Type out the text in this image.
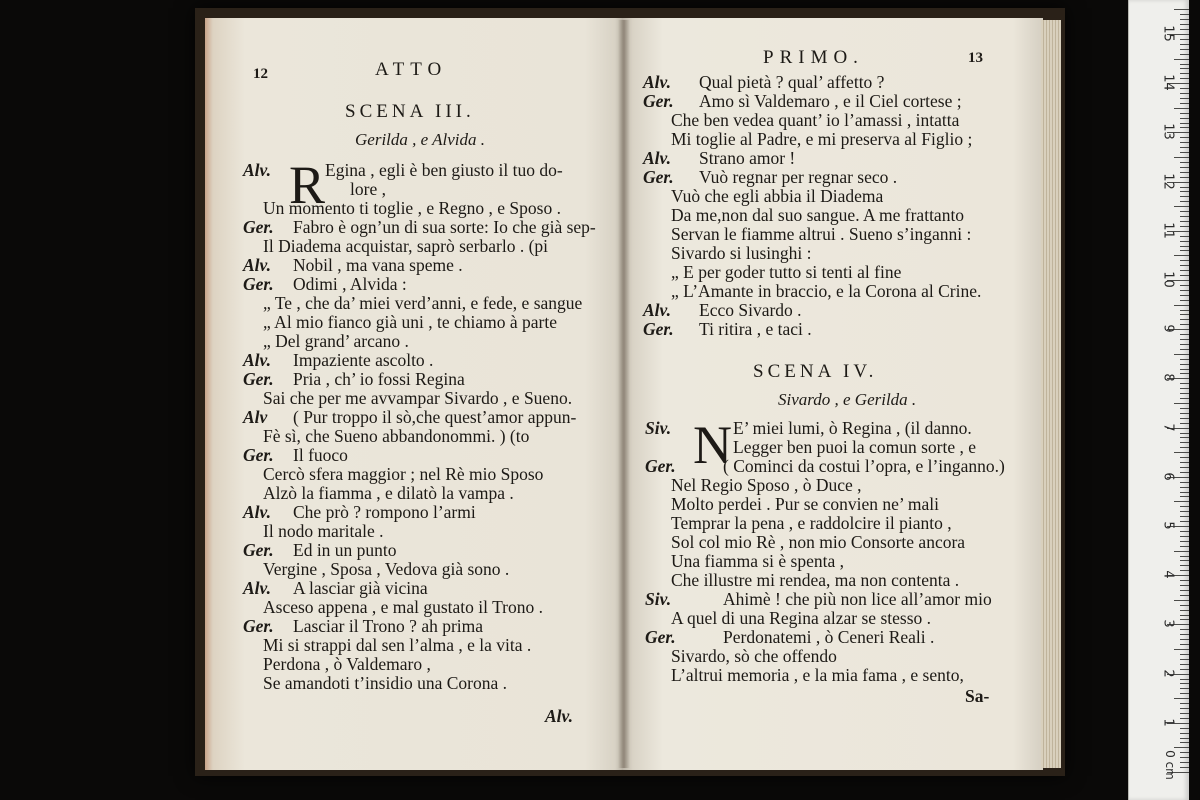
12	ATTO
SCENA III.
Gerilda , e Alvida .
R
Alv.	Egina , egli è ben giusto il tuo do-
lore ,
Un momento ti toglie , e Regno , e Sposo .
Ger. Fabro è ogn’un di sua sorte: Io che già sep-
Il Diadema acquistar, saprò serbarlo . (pi
Alv. Nobil , ma vana speme .
Ger. Odimi , Alvida :
„ Te , che da’ miei verd’anni, e fede, e sangue
„ Al mio fianco già uni , te chiamo à parte
„ Del grand’ arcano .
Alv. Impaziente ascolto .
Ger. Pria , ch’ io fossi Regina
Sai che per me avvampar Sivardo , e Sueno.
Alv ( Pur troppo il sò,che quest’amor appun-
Fè sì, che Sueno abbandonommi. ) (to
Ger. Il fuoco
Cercò sfera maggior ; nel Rè mio Sposo
Alzò la fiamma , e dilatò la vampa .
Alv. Che prò ? rompono l’armi
Il nodo maritale .
Ger. Ed in un punto
Vergine , Sposa , Vedova già sono .
Alv. A lasciar già vicina
Asceso appena , e mal gustato il Trono .
Ger. Lasciar il Trono ? ah prima
Mi si strappi dal sen l’alma , e la vita .
Perdona , ò Valdemaro ,
Se amandoti t’insidio una Corona .
Alv.
PRIMO.	13
Alv. Qual pietà ? qual’ affetto ?
Ger. Amo sì Valdemaro , e il Ciel cortese ;
Che ben vedea quant’ io l’amassi , intatta
Mi toglie al Padre, e mi preserva al Figlio ;
Alv. Strano amor !
Ger. Vuò regnar per regnar seco .
Vuò che egli abbia il Diadema
Da me,non dal suo sangue. A me frattanto
Servan le fiamme altrui . Sueno s’inganni :
Sivardo si lusinghi :
„ E per goder tutto si tenti al fine
„ L’Amante in braccio, e la Corona al Crine.
Alv. Ecco Sivardo .
Ger. Ti ritira , e taci .
SCENA IV.
Sivardo , e Gerilda .
N
Siv.	E’ miei lumi, ò Regina , (il danno.
Legger ben puoi la comun sorte , e
Ger.	( Cominci da costui l’opra, e l’inganno.)
Nel Regio Sposo , ò Duce ,
Molto perdei . Pur se convien ne’ mali
Temprar la pena , e raddolcire il pianto ,
Sol col mio Rè , non mio Consorte ancora
Una fiamma si è spenta ,
Che illustre mi rendea, ma non contenta .
Siv.	Ahimè ! che più non lice all’amor mio
A quel di una Regina alzar se stesso .
Ger.	Perdonatemi , ò Ceneri Reali .
Sivardo, sò che offendo
L’altrui memoria , e la mia fama , e sento,
Sa-
1
2
3
4
5
6
7
8
9
10
11
12
13
14
15
0 cm
